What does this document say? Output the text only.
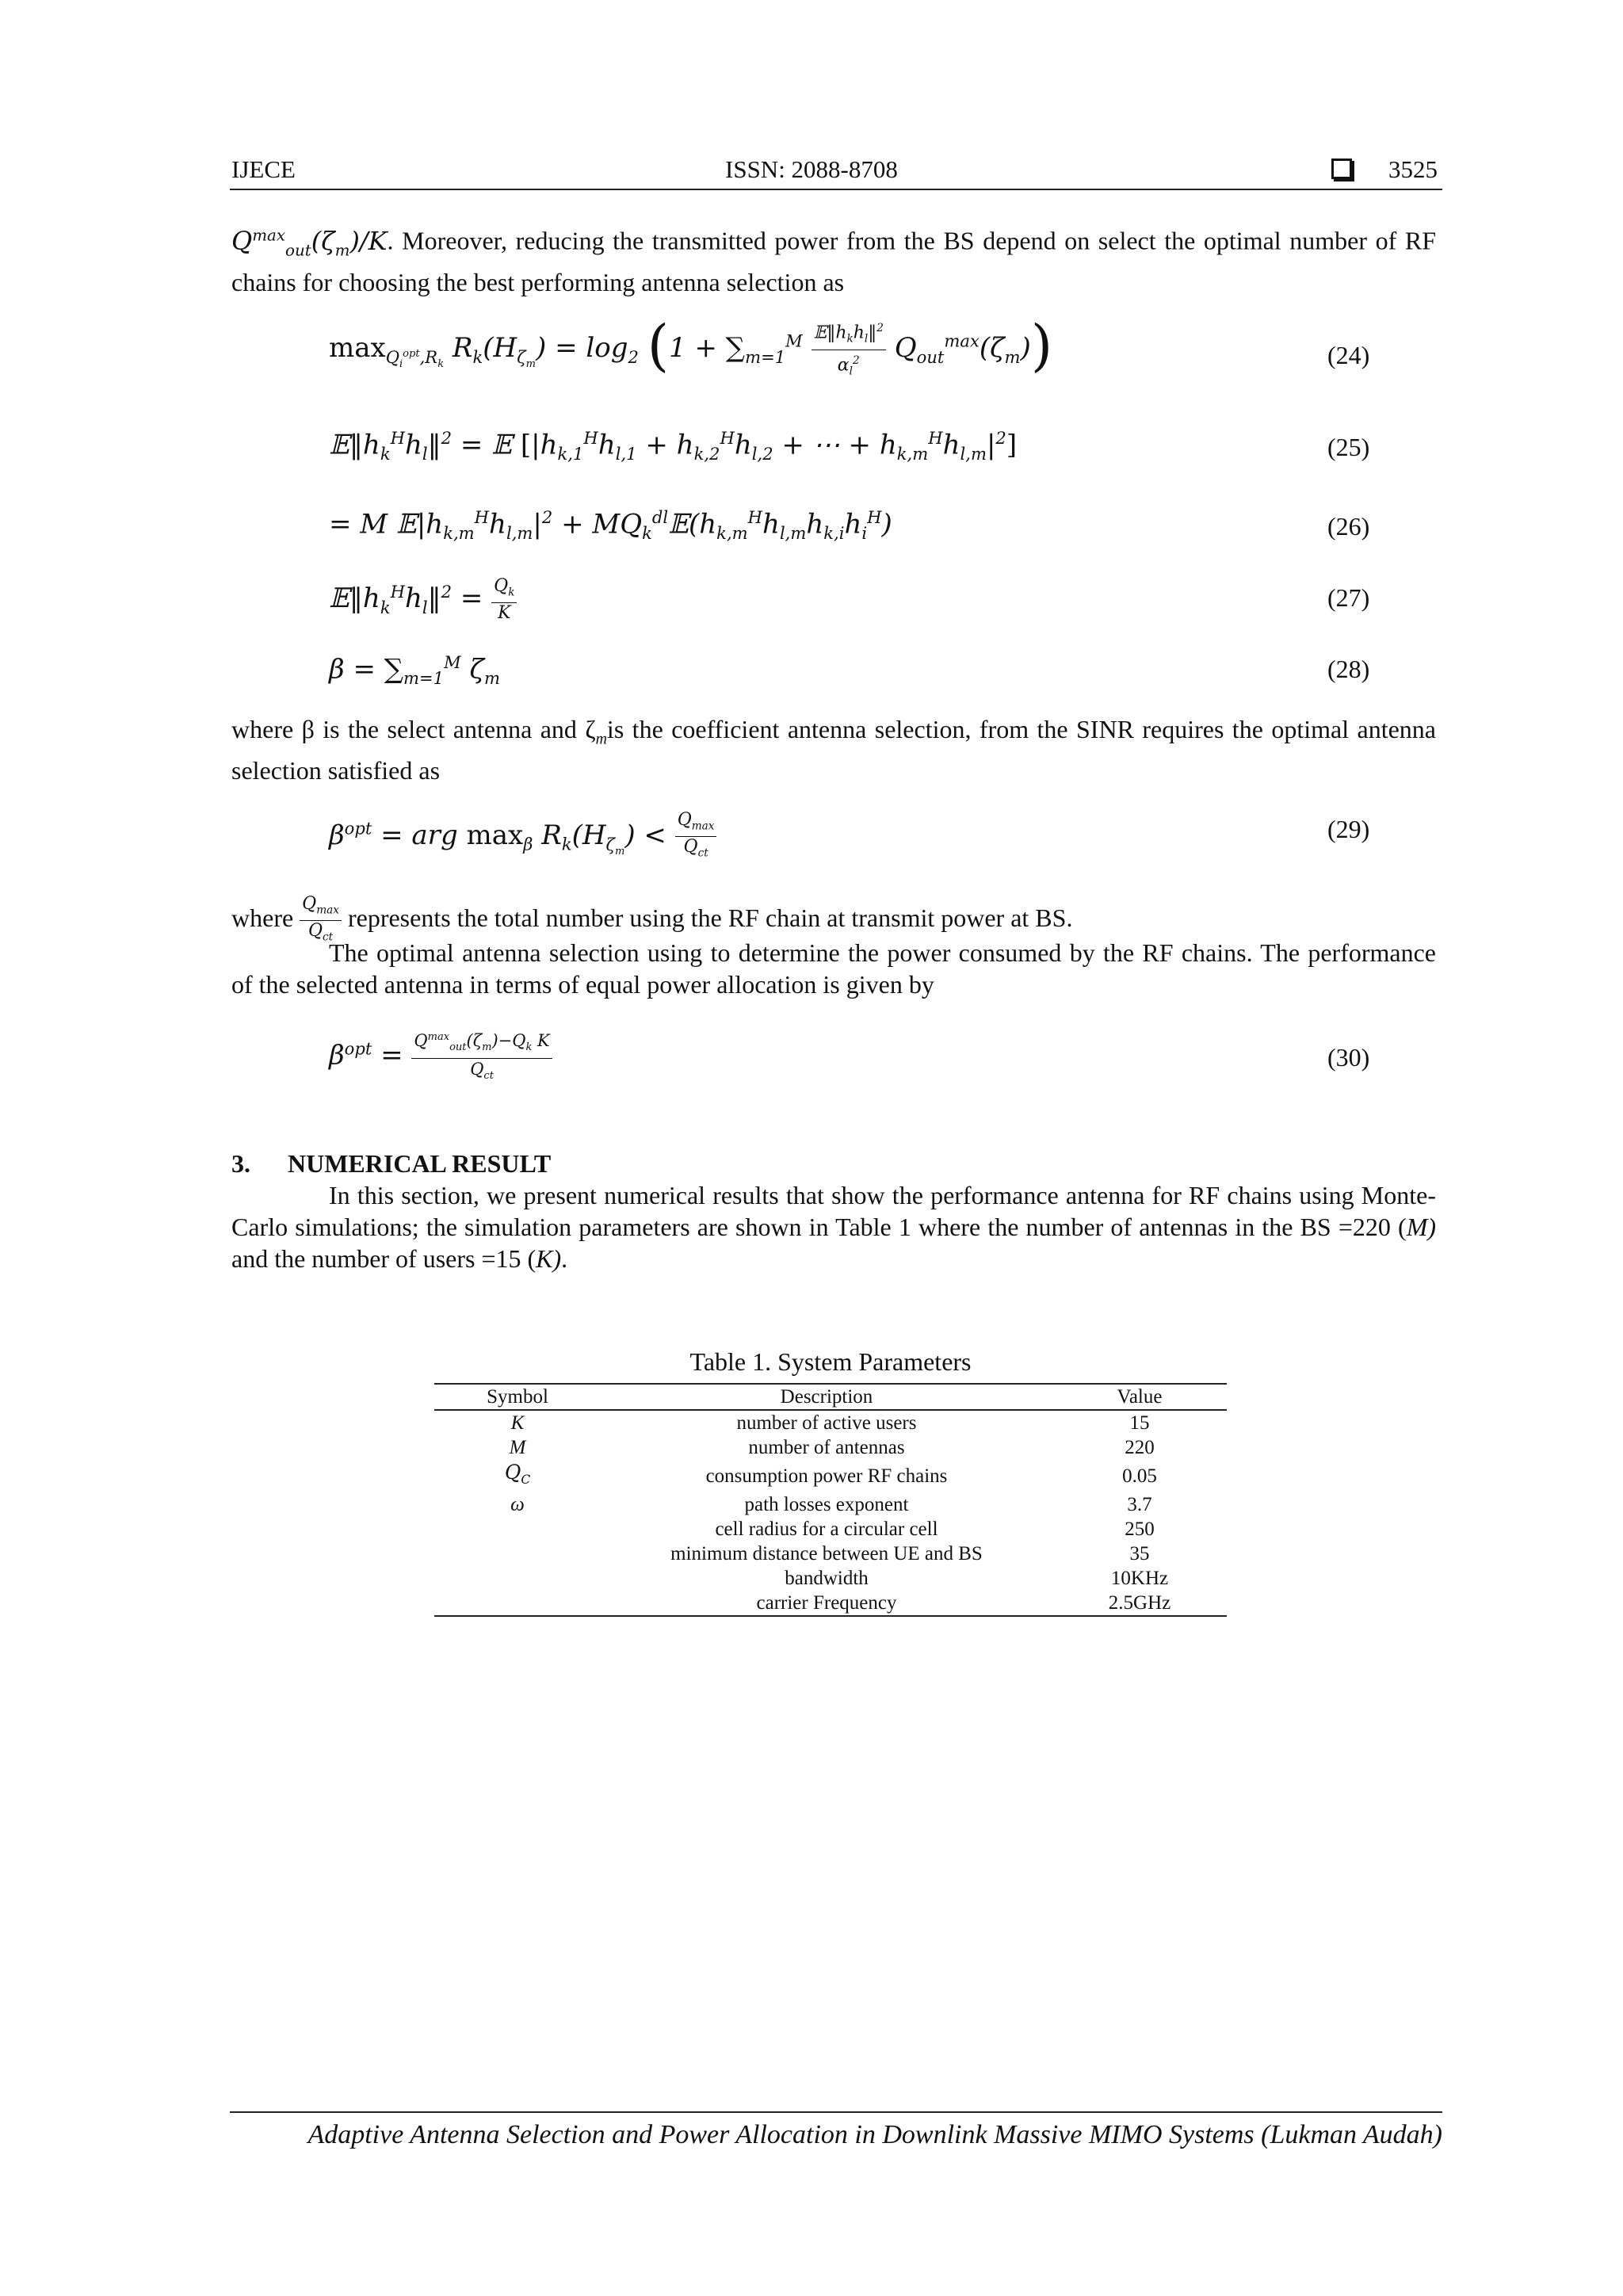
IJECE	ISSN: 2088-8708	3525
$Q^{max}_{out}(\zeta_m)/K$. Moreover, reducing the transmitted power from the BS depend on select the optimal number of RF chains for choosing the best performing antenna selection as
$\max_{Q_i^{opt},R_k} R_k(H_{\zeta_m}) = \log_2 (1 + \sum_{m=1}^M \frac{𝔼‖h_kh_l‖^2}{\alpha_l^2} Q_{out}^{max}(\zeta_m))$	(24)
$𝔼‖h_k^Hh_l‖^2$ = 𝔼 [$|h_{k,1}^Hh_{l,1} + h_{k,2}^Hh_{l,2}$ + ⋯ + $h_{k,m}^Hh_{l,m}|^2$]	(25)
= M $𝔼|h_{k,m}^Hh_{l,m}|^2$ + $MQ_k^{dl}𝔼(h_{k,m}^Hh_{l,m}h_{k,i}h_i^H)$	(26)
$𝔼‖h_k^Hh_l‖^2 = \frac{Q_k}{K}$	(27)
$\beta = \sum_{m=1}^M$ $\zeta_m$	(28)
where β is the select antenna and $\zeta_mis$ the coefficient antenna selection, from the SINR requires the optimal antenna selection satisfied as
$\beta^{opt}$ = arg $\max_\beta R_k(H_{\zeta_m}) < \frac{Q_{max}}{Q_{ct}}$	(29)
where $\frac{Q_{max}}{Q_{ct}}$ represents the total number using the RF chain at transmit power at BS.
The optimal antenna selection using to determine the power consumed by the RF chains. The performance of the selected antenna in terms of equal power allocation is given by
$\beta^{opt} = \frac{Q^{max}_{out}(\zeta_m)-Q_k K}{Q_{ct}}$	(30)
3. NUMERICAL RESULT
In this section, we present numerical results that show the performance antenna for RF chains using Monte-Carlo simulations; the simulation parameters are shown in Table 1 where the number of antennas in the BS =220 (M) and the number of users =15 (K).
Table 1. System Parameters
Symbol	Description	Value
K	number of active users	15
M	number of antennas	220
$Q_C$	consumption power RF chains	0.05
ω	path losses exponent	3.7
	cell radius for a circular cell	250
	minimum distance between UE and BS	35
	bandwidth	10KHz
	carrier Frequency	2.5GHz
Adaptive Antenna Selection and Power Allocation in Downlink Massive MIMO Systems (Lukman Audah)
